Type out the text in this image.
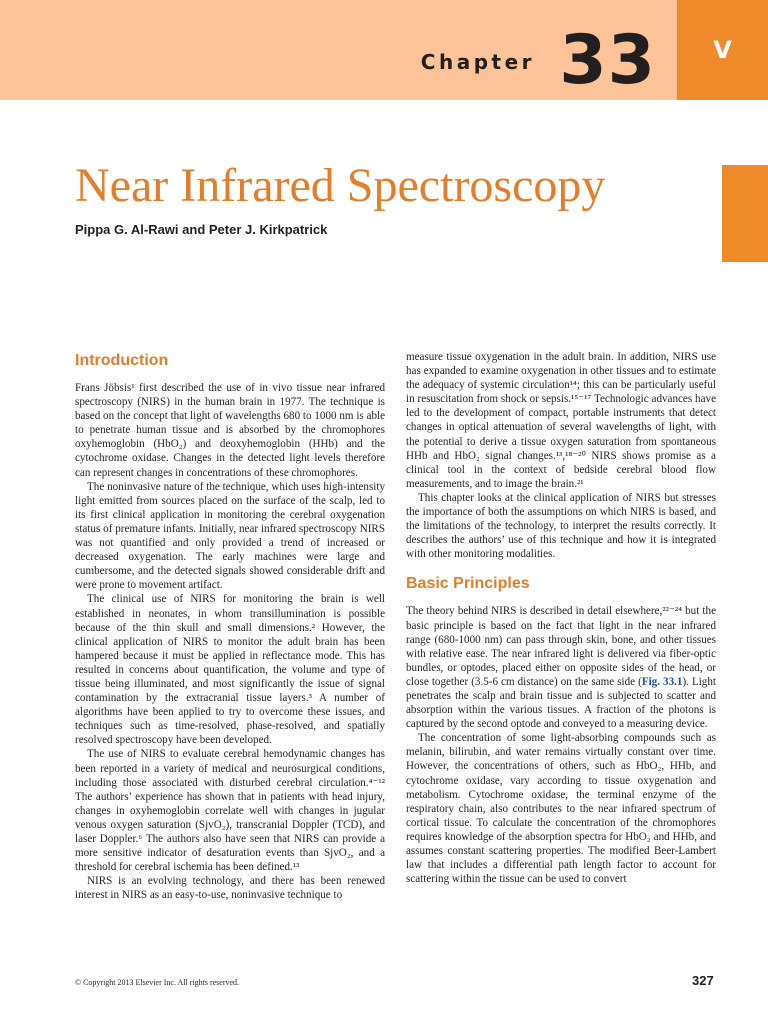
Chapter 33 V
Near Infrared Spectroscopy
Pippa G. Al-Rawi and Peter J. Kirkpatrick
Introduction

Frans Jöbsis¹ first described the use of in vivo tissue near infrared spectroscopy (NIRS) in the human brain in 1977. The technique is based on the concept that light of wavelengths 680 to 1000 nm is able to penetrate human tissue and is absorbed by the chromophores oxyhemoglobin (HbO₂) and deoxyhemoglobin (HHb) and the cytochrome oxidase. Changes in the detected light levels therefore can represent changes in concentrations of these chromophores.

The noninvasive nature of the technique, which uses high-intensity light emitted from sources placed on the surface of the scalp, led to its first clinical application in monitoring the cerebral oxygenation status of premature infants. Initially, near infrared spectroscopy NIRS was not quantified and only provided a trend of increased or decreased oxygenation. The early machines were large and cumbersome, and the detected signals showed considerable drift and were prone to movement artifact.

The clinical use of NIRS for monitoring the brain is well established in neonates, in whom transillumination is possible because of the thin skull and small dimensions.² However, the clinical application of NIRS to monitor the adult brain has been hampered because it must be applied in reflectance mode. This has resulted in concerns about quantification, the volume and type of tissue being illuminated, and most significantly the issue of signal contamination by the extracranial tissue layers.³ A number of algorithms have been applied to try to overcome these issues, and techniques such as time-resolved, phase-resolved, and spatially resolved spectroscopy have been developed.

The use of NIRS to evaluate cerebral hemodynamic changes has been reported in a variety of medical and neurosurgical conditions, including those associated with disturbed cerebral circulation.⁴⁻¹² The authors’ experience has shown that in patients with head injury, changes in oxyhemoglobin correlate well with changes in jugular venous oxygen saturation (SjvO₂), transcranial Doppler (TCD), and laser Doppler.⁶ The authors also have seen that NIRS can provide a more sensitive indicator of desaturation events than SjvO₂, and a threshold for cerebral ischemia has been defined.¹³

NIRS is an evolving technology, and there has been renewed interest in NIRS as an easy-to-use, noninvasive technique to

measure tissue oxygenation in the adult brain. In addition, NIRS use has expanded to examine oxygenation in other tissues and to estimate the adequacy of systemic circulation¹⁴; this can be particularly useful in resuscitation from shock or sepsis.¹⁵⁻¹⁷ Technologic advances have led to the development of compact, portable instruments that detect changes in optical attenuation of several wavelengths of light, with the potential to derive a tissue oxygen saturation from spontaneous HHb and HbO₂ signal changes.¹³,¹⁸⁻²⁰ NIRS shows promise as a clinical tool in the context of bedside cerebral blood flow measurements, and to image the brain.²¹

This chapter looks at the clinical application of NIRS but stresses the importance of both the assumptions on which NIRS is based, and the limitations of the technology, to interpret the results correctly. It describes the authors’ use of this technique and how it is integrated with other monitoring modalities.

Basic Principles

The theory behind NIRS is described in detail elsewhere,²²⁻²⁴ but the basic principle is based on the fact that light in the near infrared range (680-1000 nm) can pass through skin, bone, and other tissues with relative ease. The near infrared light is delivered via fiber-optic bundles, or optodes, placed either on opposite sides of the head, or close together (3.5-6 cm distance) on the same side (Fig. 33.1). Light penetrates the scalp and brain tissue and is subjected to scatter and absorption within the various tissues. A fraction of the photons is captured by the second optode and conveyed to a measuring device.

The concentration of some light-absorbing compounds such as melanin, bilirubin, and water remains virtually constant over time. However, the concentrations of others, such as HbO₂, HHb, and cytochrome oxidase, vary according to tissue oxygenation and metabolism. Cytochrome oxidase, the terminal enzyme of the respiratory chain, also contributes to the near infrared spectrum of cortical tissue. To calculate the concentration of the chromophores requires knowledge of the absorption spectra for HbO₂ and HHb, and assumes constant scattering properties. The modified Beer-Lambert law that includes a differential path length factor to account for scattering within the tissue can be used to convert

© Copyright 2013 Elsevier Inc. All rights reserved.	327
